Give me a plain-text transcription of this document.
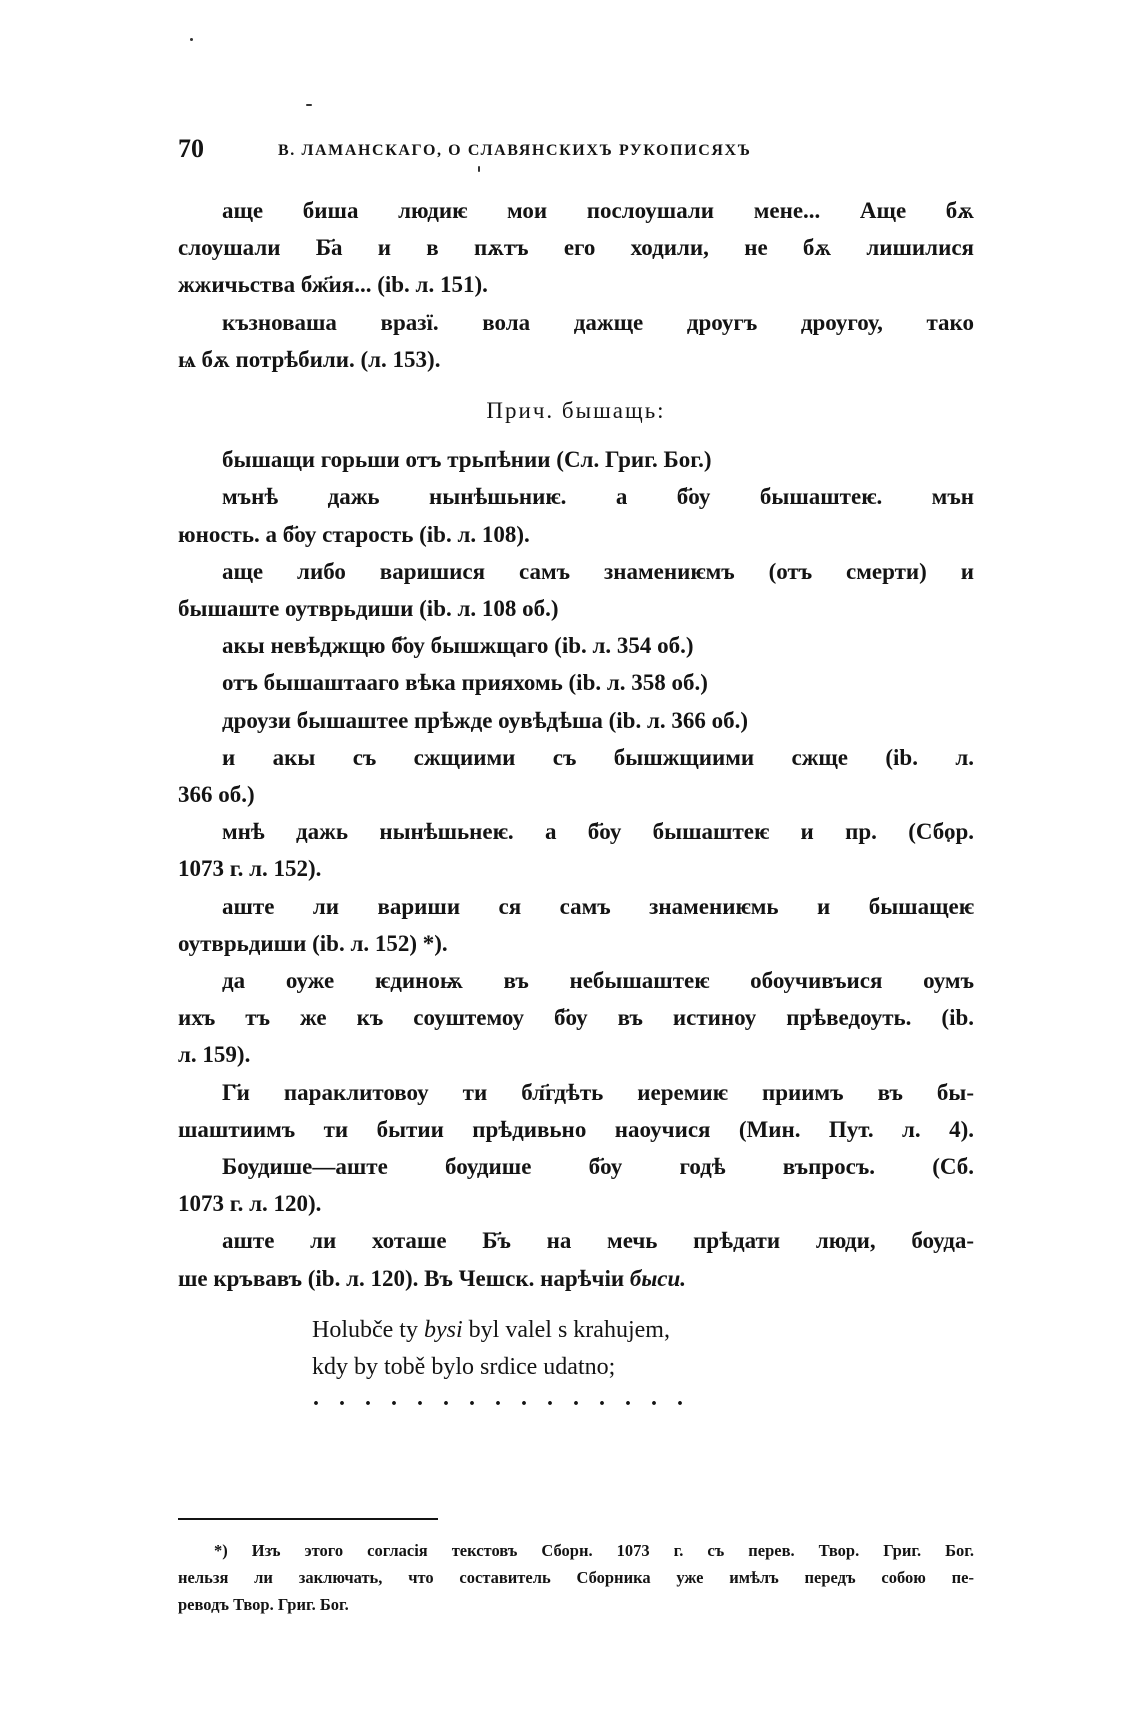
70	В. ЛАМАНСКАГО, О СЛАВЯНСКИХЪ РУКОПИСЯХЪ
аще биша людиѥ мои послоушали мене... Аще бѫ
слоушали Б҃а и в пѫтъ его ходили, не бѫ лишилися
жжичьства бж҃ия... (ib. л. 151).
къзноваша вразї. вола дажще дроугъ дроугоу, тако
ѩ бѫ потрѣбили. (л. 153).
Прич. бышащь:
бышащи горьши отъ трьпѣнии (Сл. Григ. Бог.)
мънѣ дажь нынѣшьниѥ. а б҃оу бышаштеѥ. мън
юность. а б҃оу старость (ib. л. 108).
аще либо варишися самъ знамениѥмъ (отъ смерти) и
бышаште оутврьдиши (ib. л. 108 об.)
акы невѣджщю б҃оу бышжщаго (ib. л. 354 об.)
отъ бышаштааго вѣка прияхомь (ib. л. 358 об.)
дроузи бышаштее прѣжде оувѣдѣша (ib. л. 366 об.)
и акы съ сжщиими съ бышжщиими сжще (ib. л.
366 об.)
мнѣ дажь нынѣшьнеѥ. а б҃оу бышаштеѥ и пр. (Сбор.
1073 г. л. 152).
аште ли вариши ся самъ знамениѥмь и бышащеѥ
оутврьдиши (ib. л. 152) *).
да оуже ѥдиноѭ въ небышаштеѥ обоучивъися оумъ
ихъ тъ же къ соуштемоу б҃оу въ истиноу прѣведоуть. (ib.
л. 159).
Г҃и параклитовоу ти бл҃гдѣть иеремиѥ приимъ въ бы-
шаштиимъ ти бытии прѣдивьно наоучися (Мин. Пут. л. 4).
Боудише—аште боудише б҃оу годѣ въпросъ. (Сб.
1073 г. л. 120).
аште ли хоташе Б҃ъ на мечь прѣдати люди, боуда-
ше кръвавъ (ib. л. 120). Въ Чешск. нарѣчiи быси.
Holubče ty bysi byl valel s krahujem,
kdy by tobě bylo srdice udatno;
· · · · · · · · · · · · · · ·
*) Изъ этого согласiя текстовъ Сборн. 1073 г. съ перев. Твор. Григ. Бог.
нельзя ли заключать, что составитель Сборника уже имѣлъ передъ собою пе-
реводъ Твор. Григ. Бог.
